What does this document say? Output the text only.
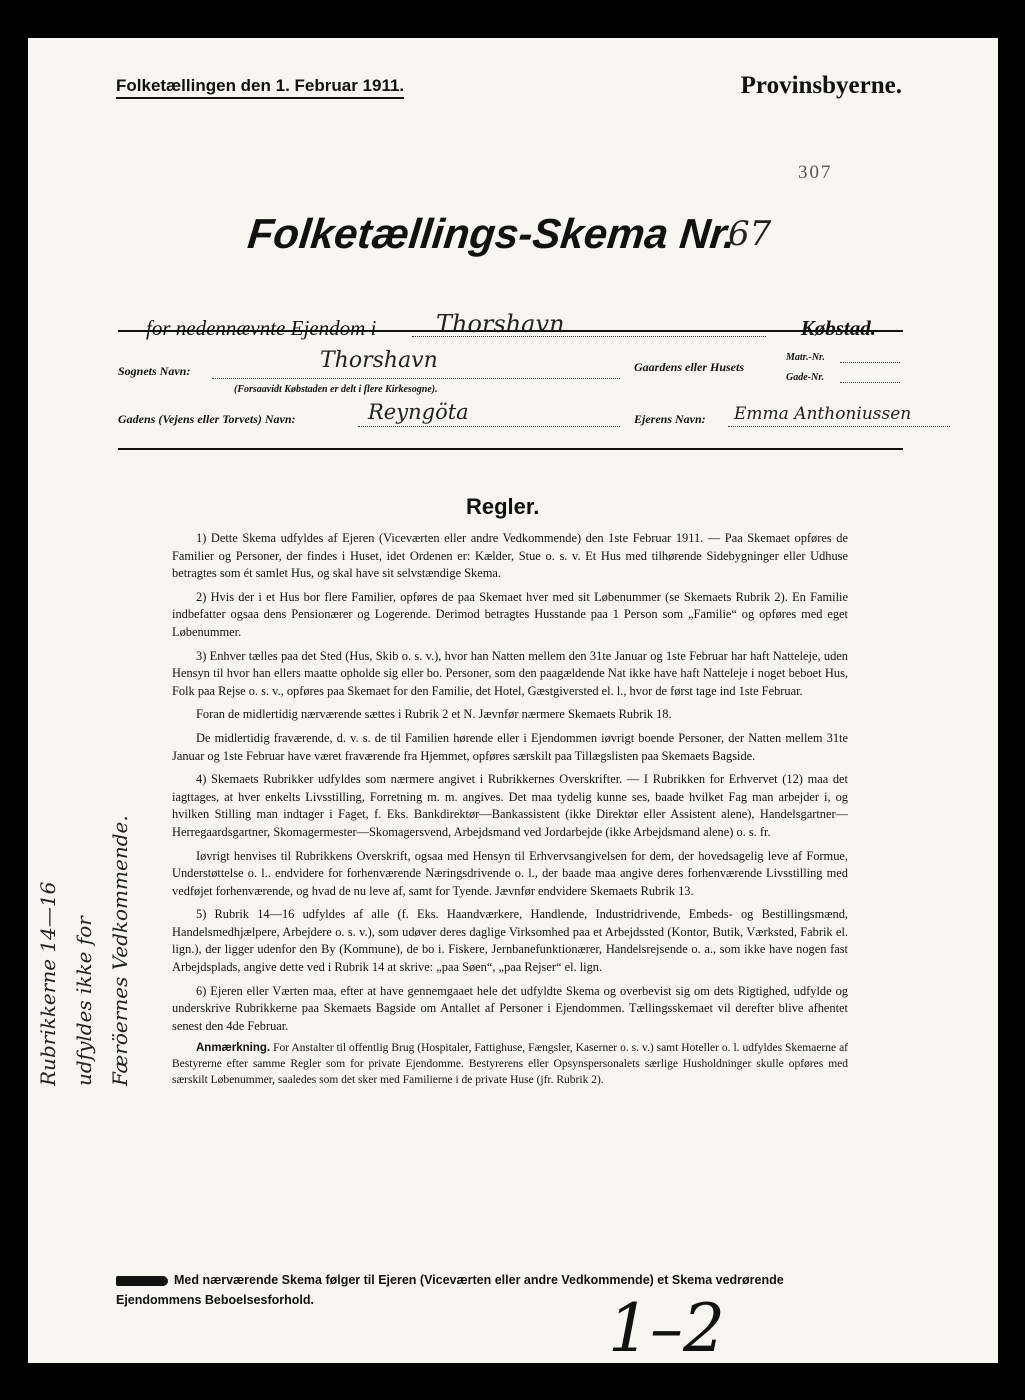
Folketællingen den 1. Februar 1911.	Provinsbyerne.
307
Folketællings-Skema Nr.
67
for nedennævnte Ejendom i Thorshavn	Købstad.
Sognets Navn:	Thorshavn
(Forsaavidt Købstaden er delt i flere Kirkesogne).
Gaardens eller Husets
Matr.-Nr.
Gade-Nr.
Gadens (Vejens eller Torvets) Navn:	Reyngöta	Ejerens Navn: Emma Anthoniussen
Regler.

1) Dette Skema udfyldes af Ejeren (Viceværten eller andre Vedkommende) den 1ste Februar 1911. — Paa Skemaet opføres de Familier og Personer, der findes i Huset, idet Ordenen er: Kælder, Stue o. s. v. Et Hus med tilhørende Sidebygninger eller Udhuse betragtes som ét samlet Hus, og skal have sit selvstændige Skema.

2) Hvis der i et Hus bor flere Familier, opføres de paa Skemaet hver med sit Løbenummer (se Skemaets Rubrik 2). En Familie indbefatter ogsaa dens Pensionærer og Logerende. Derimod betragtes Husstande paa 1 Person som „Familie“ og opføres med eget Løbenummer.

3) Enhver tælles paa det Sted (Hus, Skib o. s. v.), hvor han Natten mellem den 31te Januar og 1ste Februar har haft Natteleje, uden Hensyn til hvor han ellers maatte opholde sig eller bo. Personer, som den paagældende Nat ikke have haft Natteleje i noget beboet Hus, Folk paa Rejse o. s. v., opføres paa Skemaet for den Familie, det Hotel, Gæstgiversted el. l., hvor de først tage ind 1ste Februar.

Foran de midlertidig nærværende sættes i Rubrik 2 et N. Jævnfør nærmere Skemaets Rubrik 18.

De midlertidig fraværende, d. v. s. de til Familien hørende eller i Ejendommen iøvrigt boende Personer, der Natten mellem 31te Januar og 1ste Februar have været fraværende fra Hjemmet, opføres særskilt paa Tillægslisten paa Skemaets Bagside.

4) Skemaets Rubrikker udfyldes som nærmere angivet i Rubrikkernes Overskrifter. — I Rubrikken for Erhvervet (12) maa det iagttages, at hver enkelts Livsstilling, Forretning m. m. angives. Det maa tydelig kunne ses, baade hvilket Fag man arbejder i, og hvilken Stilling man indtager i Faget, f. Eks. Bankdirektør—Bankassistent (ikke Direktør eller Assistent alene), Handelsgartner—Herregaardsgartner, Skomagermester—Skomagersvend, Arbejdsmand ved Jordarbejde (ikke Arbejdsmand alene) o. s. fr.

Iøvrigt henvises til Rubrikkens Overskrift, ogsaa med Hensyn til Erhvervsangivelsen for dem, der hovedsagelig leve af Formue, Understøttelse o. l.. endvidere for forhenværende Næringsdrivende o. l., der baade maa angive deres forhenværende Livsstilling med vedføjet forhenværende, og hvad de nu leve af, samt for Tyende. Jævnfør endvidere Skemaets Rubrik 13.

5) Rubrik 14—16 udfyldes af alle (f. Eks. Haandværkere, Handlende, Industridrivende, Embeds- og Bestillingsmænd, Handelsmedhjælpere, Arbejdere o. s. v.), som udøver deres daglige Virksomhed paa et Arbejdssted (Kontor, Butik, Værksted, Fabrik el. lign.), der ligger udenfor den By (Kommune), de bo i. Fiskere, Jernbanefunktionærer, Handelsrejsende o. a., som ikke have nogen fast Arbejdsplads, angive dette ved i Rubrik 14 at skrive: „paa Søen“, „paa Rejser“ el. lign.

6) Ejeren eller Værten maa, efter at have gennemgaaet hele det udfyldte Skema og overbevist sig om dets Rigtighed, udfylde og underskrive Rubrikkerne paa Skemaets Bagside om Antallet af Personer i Ejendommen. Tællingsskemaet vil derefter blive afhentet senest den 4de Februar.

Anmærkning. For Anstalter til offentlig Brug (Hospitaler, Fattighuse, Fængsler, Kaserner o. s. v.) samt Hoteller o. l. udfyldes Skemaerne af Bestyrerne efter samme Regler som for private Ejendomme. Bestyrerens eller Opsynspersonalets særlige Husholdninger skulle opføres med særskilt Løbenummer, saaledes som det sker med Familierne i de private Huse (jfr. Rubrik 2).

Rubrikkerne 14—16 udfyldes ikke for Færöernes Vedkommende.
Med nærværende Skema følger til Ejeren (Viceværten eller andre Vedkommende) et Skema vedrørende Ejendommens Beboelsesforhold.	1–2
